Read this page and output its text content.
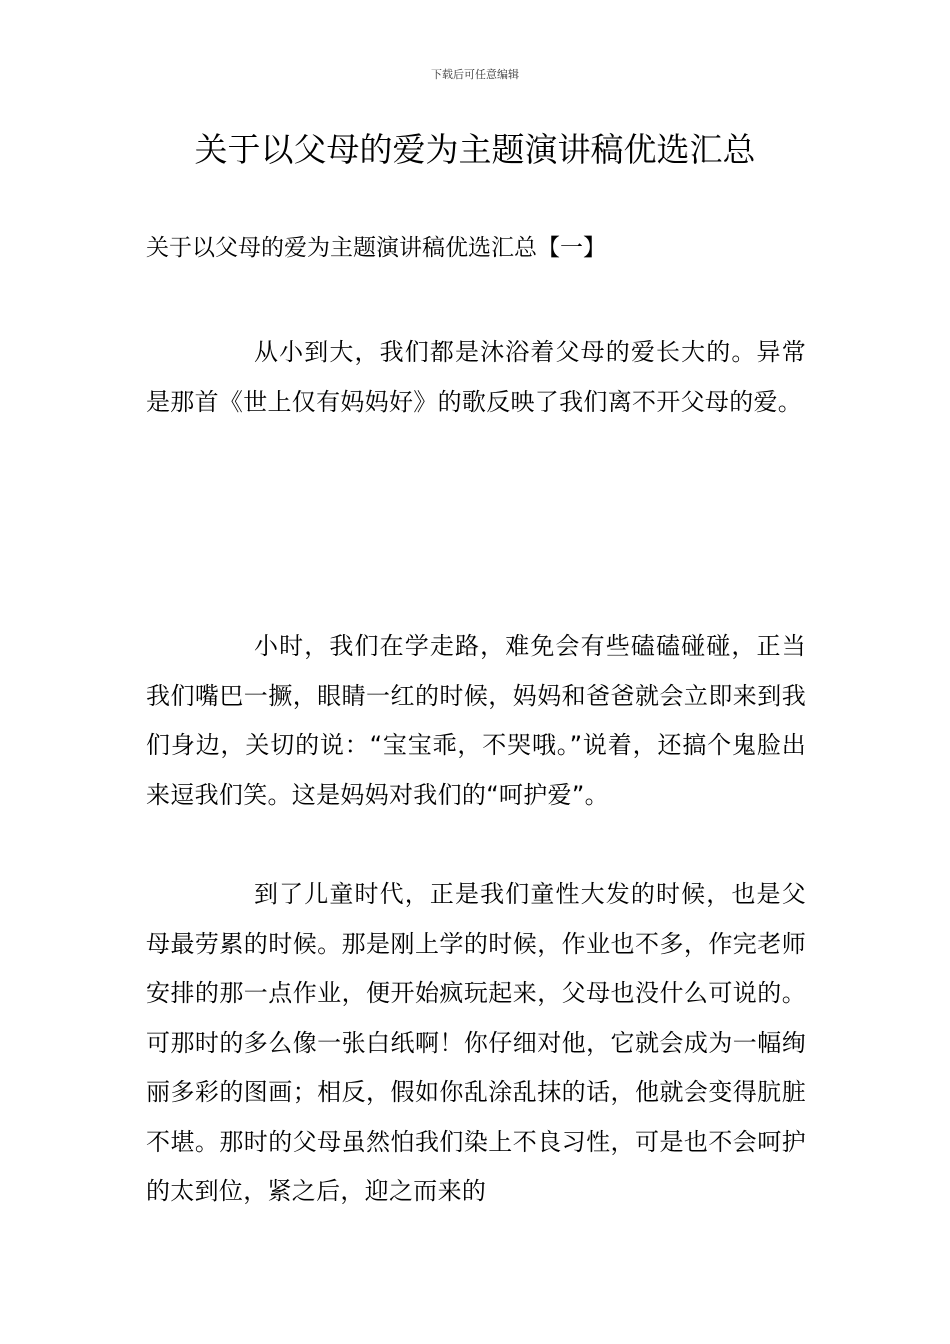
下载后可任意编辑
关于以父母的爱为主题演讲稿优选汇总
关于以父母的爱为主题演讲稿优选汇总【一】

从小到大，我们都是沐浴着父母的爱长大的。异常是那首《世上仅有妈妈好》的歌反映了我们离不开父母的爱。

小时，我们在学走路，难免会有些磕磕碰碰，正当我们嘴巴一撅，眼睛一红的时候，妈妈和爸爸就会立即来到我们身边，关切的说：“宝宝乖，不哭哦。”说着，还搞个鬼脸出来逗我们笑。这是妈妈对我们的“呵护爱”。

到了儿童时代，正是我们童性大发的时候，也是父母最劳累的时候。那是刚上学的时候，作业也不多，作完老师安排的那一点作业，便开始疯玩起来，父母也没什么可说的。可那时的多么像一张白纸啊！你仔细对他，它就会成为一幅绚丽多彩的图画；相反，假如你乱涂乱抹的话，他就会变得肮脏不堪。那时的父母虽然怕我们染上不良习性，可是也不会呵护的太到位，紧之后，迎之而来的
